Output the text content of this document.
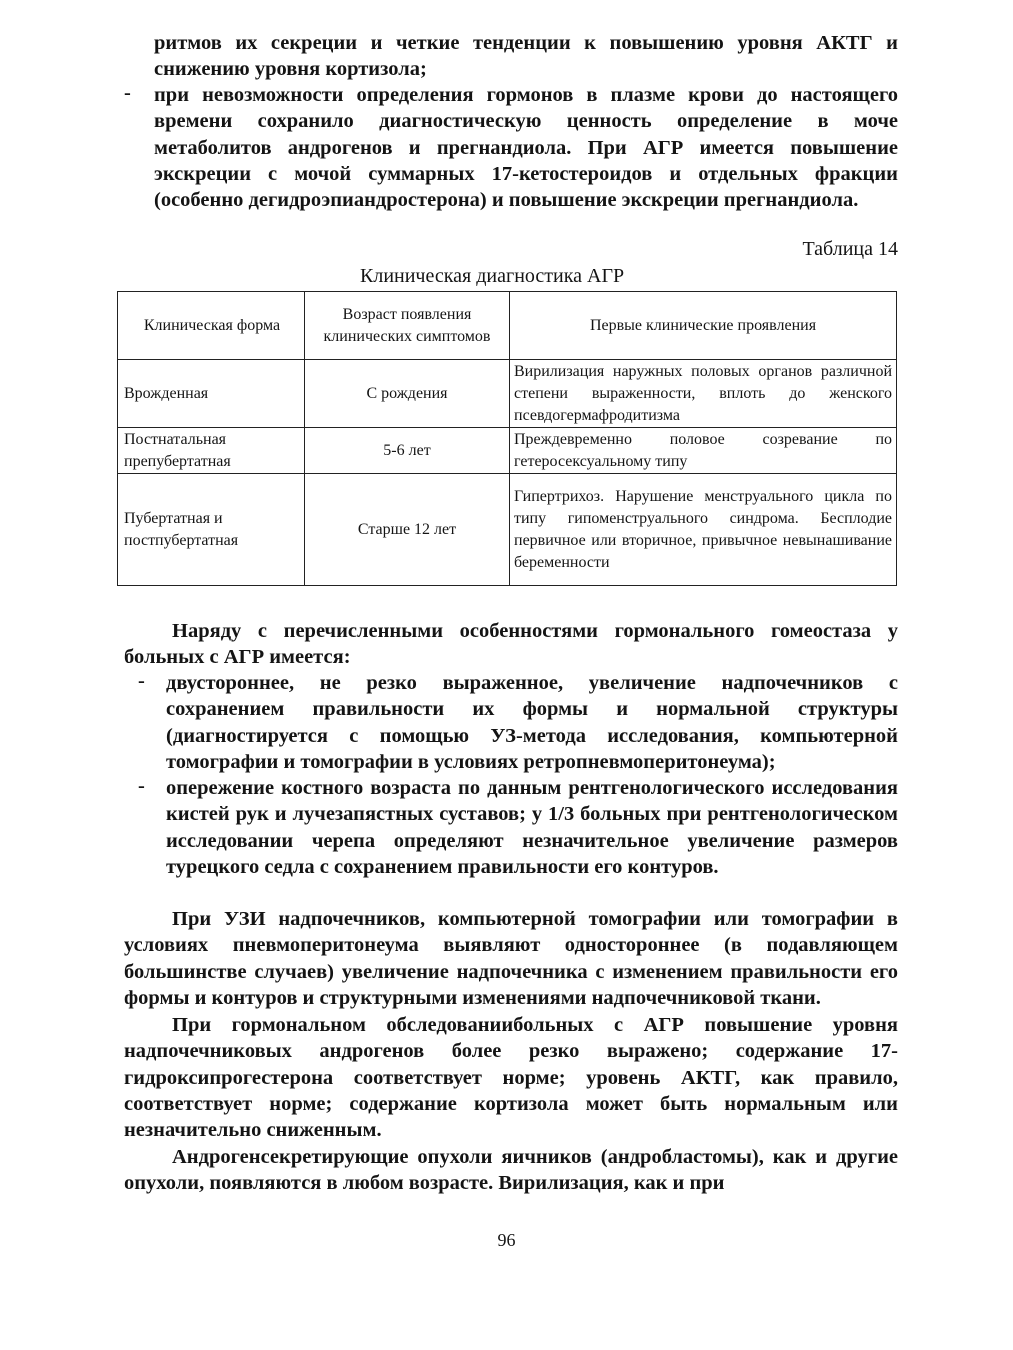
ритмов их секреции и четкие тенденции к повышению уровня АКТГ и снижению уровня кортизола;
- при невозможности определения гормонов в плазме крови до настоящего времени сохранило диагностическую ценность определение в моче метаболитов андрогенов и прегнандиола. При АГР имеется повышение экскреции с мочой суммарных 17-кетостероидов и отдельных фракции (особенно дегидроэпиандростерона) и повышение экскреции прегнандиола.
Таблица 14
Клиническая диагностика АГР
Клиническая форма	Возраст появления клинических симптомов	Первые клинические проявления
Врожденная	С рождения	Вирилизация наружных половых органов различной степени выраженности, вплоть до женского псевдогермафродитизма
Постнатальная препубертатная	5-6 лет	Преждевременно половое созревание по гетеросексуальному типу
Пубертатная и постпубертатная	Старше 12 лет	Гипертрихоз. Нарушение менструального цикла по типу гипоменструального синдрома. Бесплодие первичное или вторичное, привычное невынашивание беременности
Наряду с перечисленными особенностями гормонального гомеостаза у больных с АГР имеется:
- двустороннее, не резко выраженное, увеличение надпочечников с сохранением правильности их формы и нормальной структуры (диагностируется с помощью УЗ-метода исследования, компьютерной томографии и томографии в условиях ретропневмоперитонеума);
- опережение костного возраста по данным рентгенологического исследования кистей рук и лучезапястных суставов; у 1/3 больных при рентгенологическом исследовании черепа определяют незначительное увеличение размеров турецкого седла с сохранением правильности его контуров.
При УЗИ надпочечников, компьютерной томографии или томографии в условиях пневмоперитонеума выявляют одностороннее (в подавляющем большинстве случаев) увеличение надпочечника с изменением правильности его формы и контуров и структурными изменениями надпочечниковой ткани.
При гормональном обследованиибольных с АГР повышение уровня надпочечниковых андрогенов более резко выражено; содержание 17-гидроксипрогестерона соответствует норме; уровень АКТГ, как правило, соответствует норме; содержание кортизола может быть нормальным или незначительно сниженным.
Андрогенсекретирующие опухоли яичников (андробластомы), как и другие опухоли, появляются в любом возрасте. Вирилизация, как и при
96
